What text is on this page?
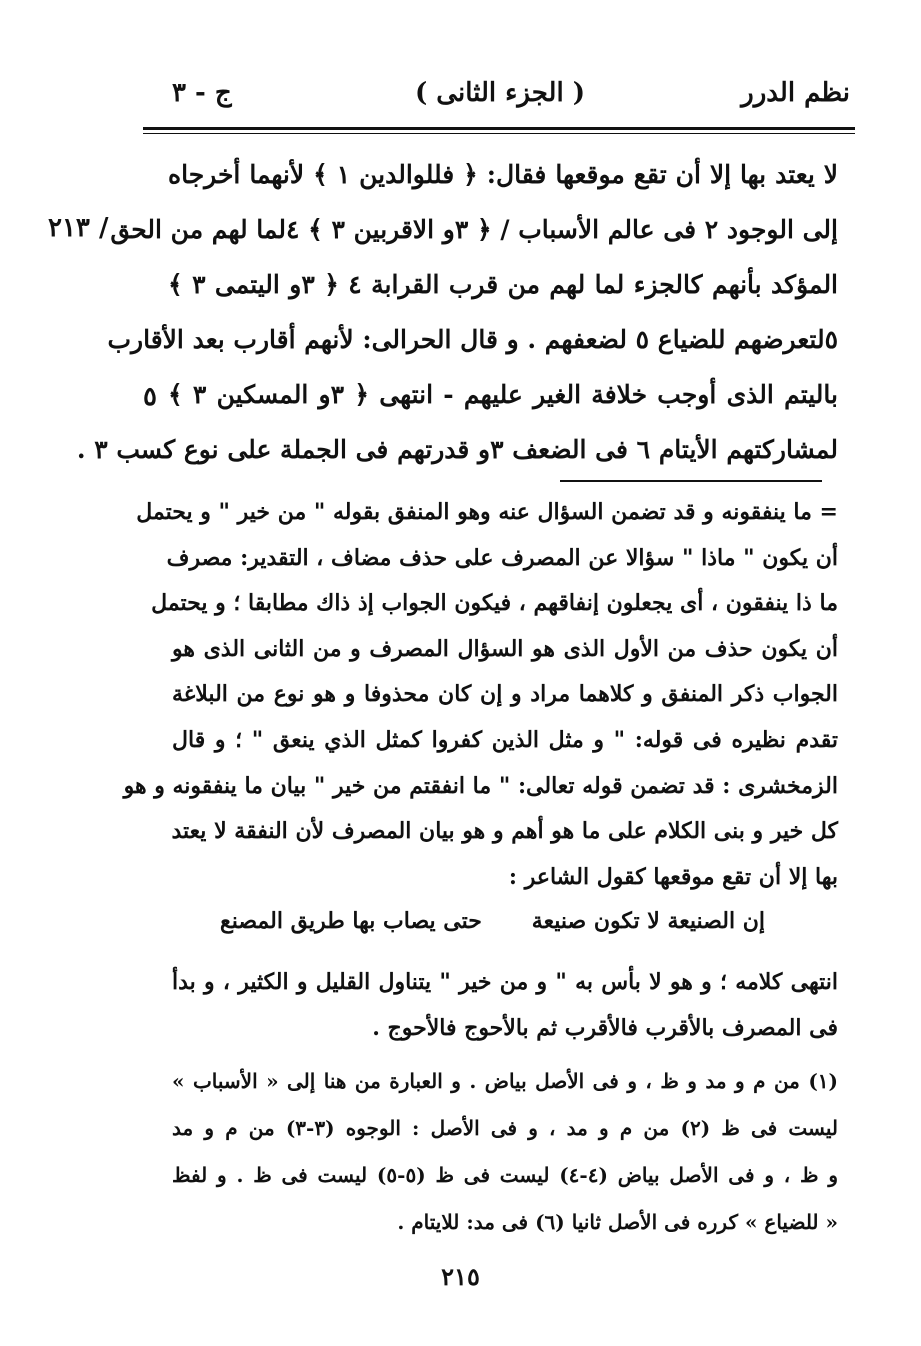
نظم الدرر
( الجزء الثانى )
ج - ٣
/ ٢١٣
٥
لا يعتد بها إلا أن تقع موقعها فقال: ﴿ فللوالدين ١ ﴾ لأنهما أخرجاه
إلى الوجود ٢ فى عالم الأسباب / ﴿ ٣و الاقربين ٣ ﴾ ٤لما لهم من الحق
المؤكد بأنهم كالجزء لما لهم من قرب القرابة ٤ ﴿ ٣و اليتمى ٣ ﴾
٥لتعرضهم للضياع ٥ لضعفهم . و قال الحرالى: لأنهم أقارب بعد الأقارب
باليتم الذى أوجب خلافة الغير عليهم - انتهى ﴿ ٣و المسكين ٣ ﴾
لمشاركتهم الأيتام ٦ فى الضعف ٣و قدرتهم فى الجملة على نوع كسب ٣ .
= ما ينفقونه و قد تضمن السؤال عنه وهو المنفق بقوله " من خير " و يحتمل
أن يكون " ماذا " سؤالا عن المصرف على حذف مضاف ، التقدير: مصرف
ما ذا ينفقون ، أى يجعلون إنفاقهم ، فيكون الجواب إذ ذاك مطابقا ؛ و يحتمل
أن يكون حذف من الأول الذى هو السؤال المصرف و من الثانى الذى هو
الجواب ذكر المنفق و كلاهما مراد و إن كان محذوفا و هو نوع من البلاغة
تقدم نظيره فى قوله: " و مثل الذين كفروا كمثل الذي ينعق " ؛ و قال
الزمخشرى : قد تضمن قوله تعالى: " ما انفقتم من خير " بيان ما ينفقونه و هو
كل خير و بنى الكلام على ما هو أهم و هو بيان المصرف لأن النفقة لا يعتد
بها إلا أن تقع موقعها كقول الشاعر :
إن الصنيعة لا تكون صنيعة
حتى يصاب بها طريق المصنع
انتهى كلامه ؛ و هو لا بأس به " و من خير " يتناول القليل و الكثير ، و بدأ
فى المصرف بالأقرب فالأقرب ثم بالأحوج فالأحوج .
(١) من م و مد و ظ ، و فى الأصل بياض . و العبارة من هنا إلى « الأسباب »
ليست فى ظ (٢) من م و مد ، و فى الأصل : الوجوه (٣-٣) من م و مد
و ظ ، و فى الأصل بياض (٤-٤) ليست فى ظ (٥-٥) ليست فى ظ . و لفظ
« للضياع » كرره فى الأصل ثانيا (٦) فى مد: للايتام .
٢١٥
